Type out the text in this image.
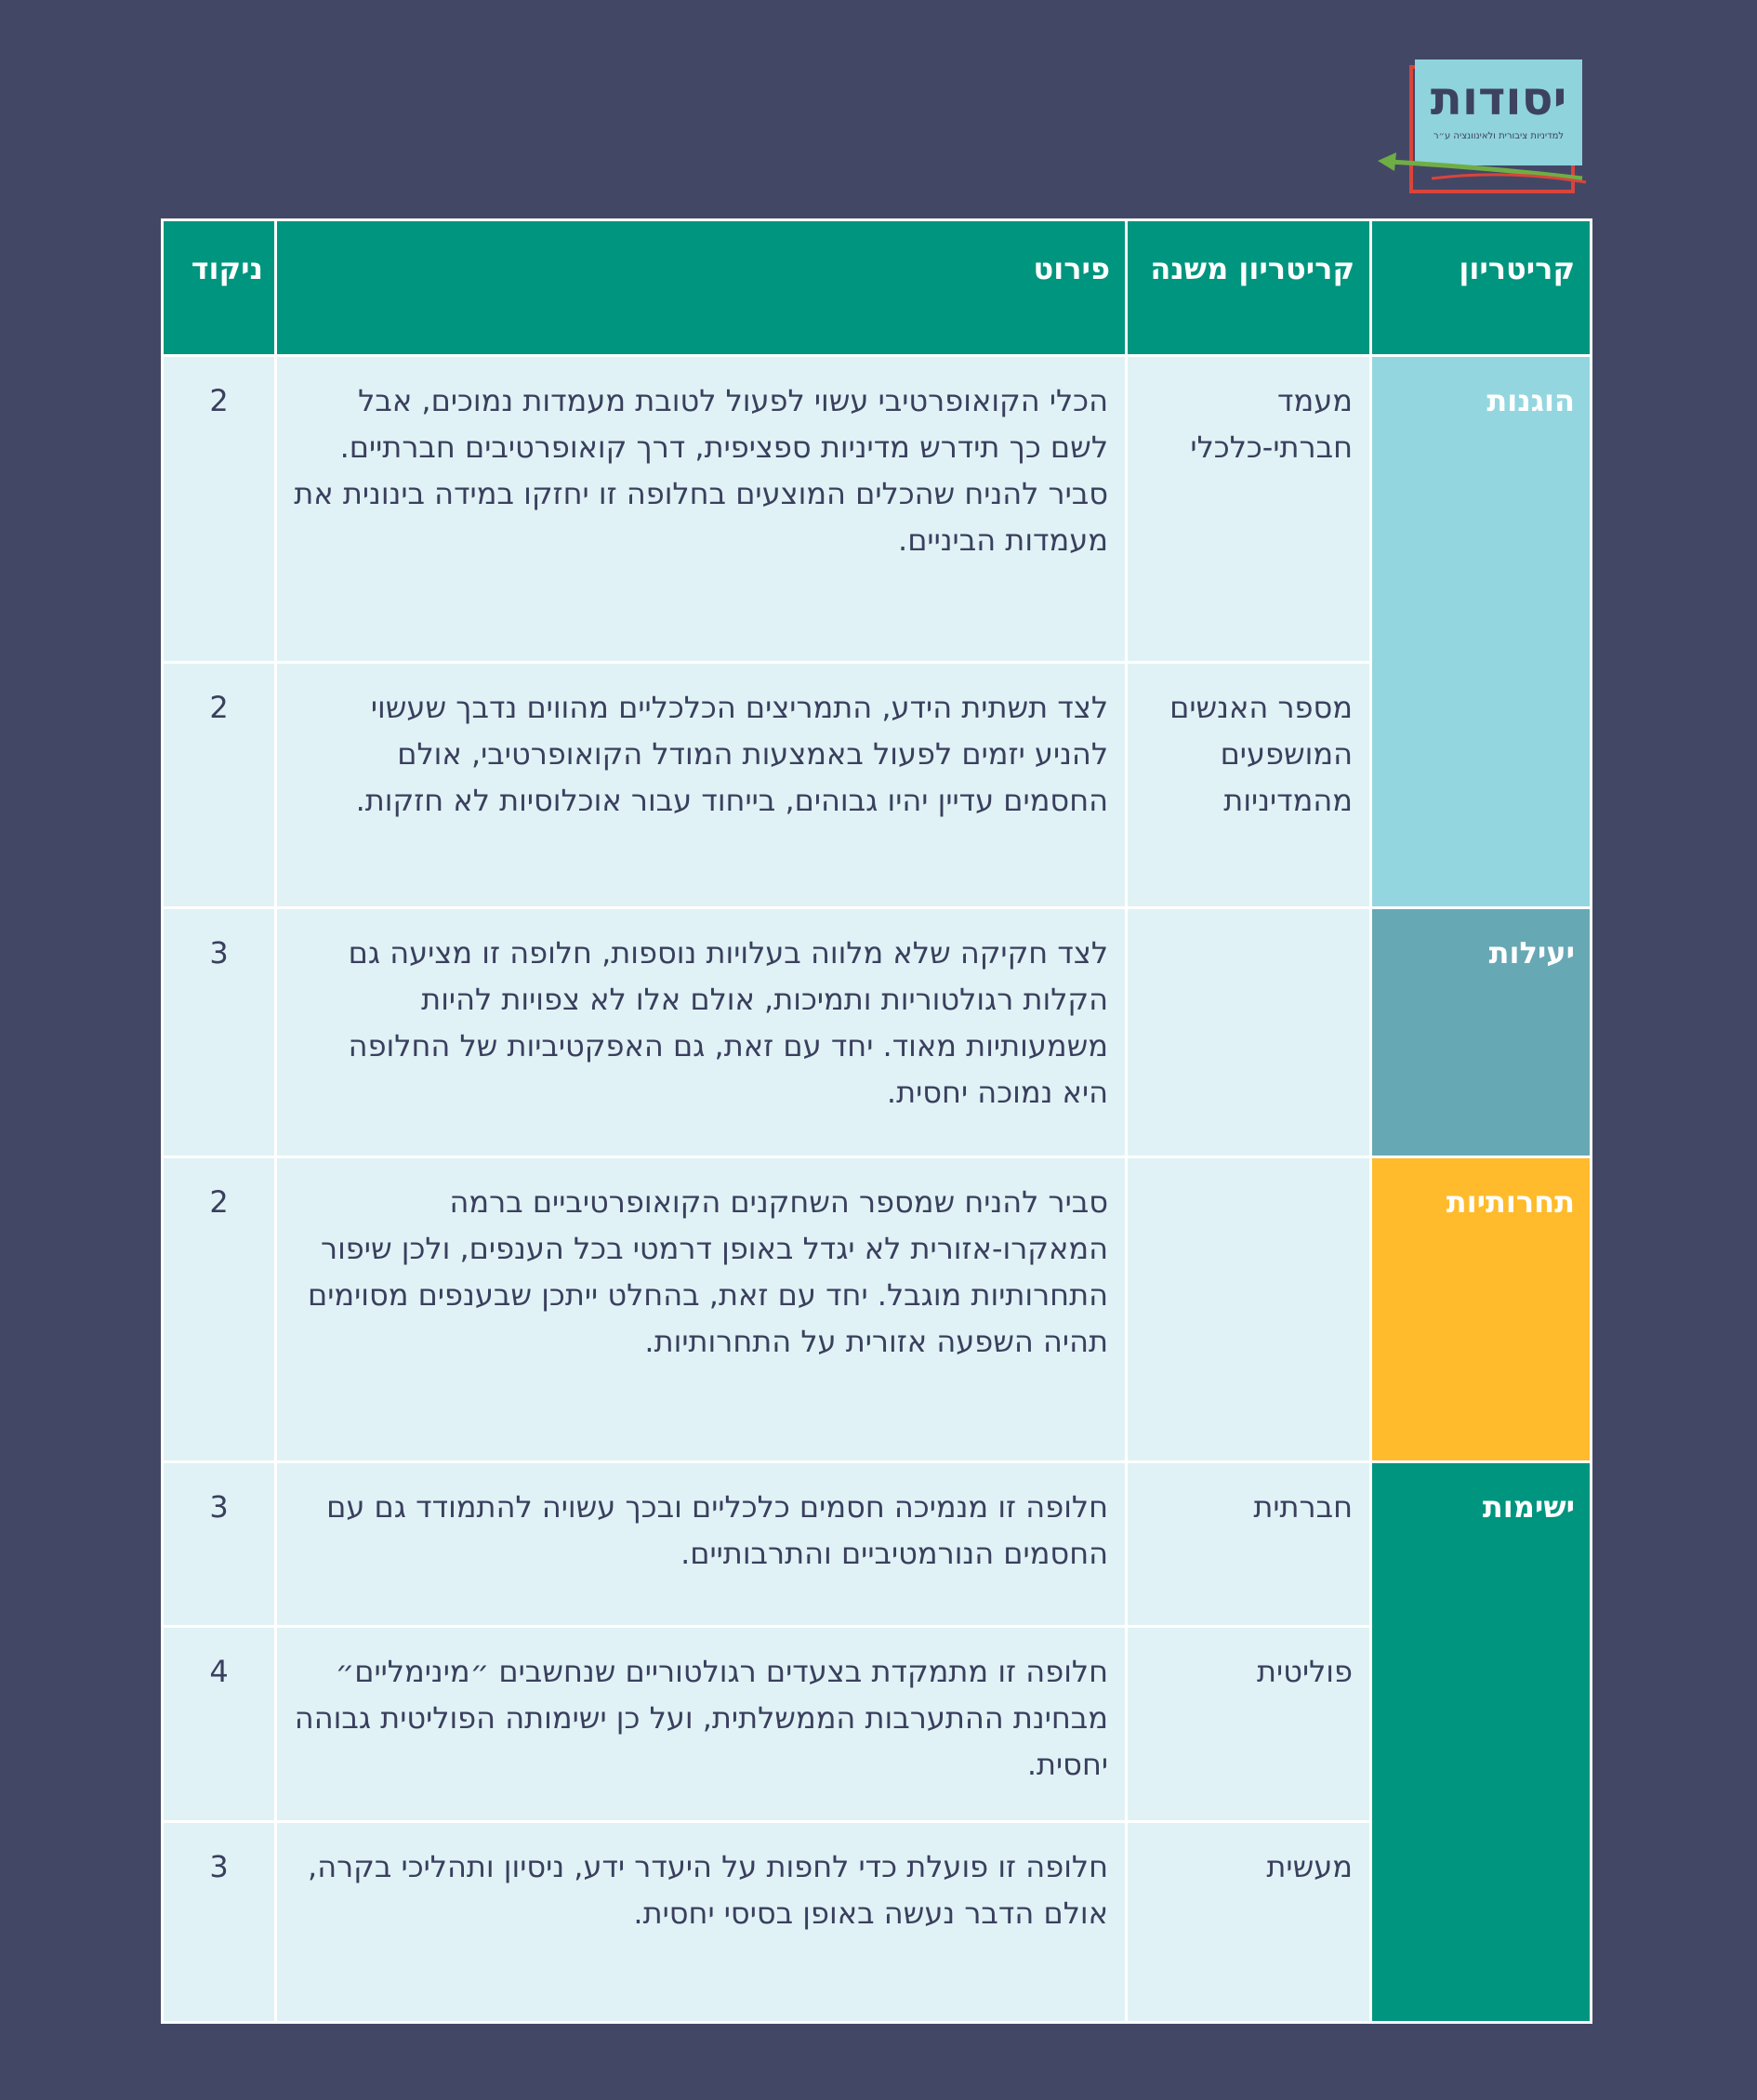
יסודות
למדיניות ציבורית ולאינוונציה ע״ר
קריטריון
קריטריון משנה
פירוט
ניקוד
הוגנות
יעילות
תחרותיות
ישימות
מעמד חברתי-כלכלי
הכלי הקואופרטיבי עשוי לפעול לטובת מעמדות נמוכים, אבל לשם כך תידרש מדיניות ספציפית, דרך קואופרטיבים חברתיים. סביר להניח שהכלים המוצעים בחלופה זו יחזקו במידה בינונית את מעמדות הביניים.
2
מספר האנשים המושפעים מהמדיניות
לצד תשתית הידע, התמריצים הכלכליים מהווים נדבך שעשוי להניע יזמים לפעול באמצעות המודל הקואופרטיבי, אולם החסמים עדיין יהיו גבוהים, בייחוד עבור אוכלוסיות לא חזקות.
2
לצד חקיקה שלא מלווה בעלויות נוספות, חלופה זו מציעה גם הקלות רגולטוריות ותמיכות, אולם אלו לא צפויות להיות משמעותיות מאוד. יחד עם זאת, גם האפקטיביות של החלופה היא נמוכה יחסית.
3
סביר להניח שמספר השחקנים הקואופרטיביים ברמה המאקרו-אזורית לא יגדל באופן דרמטי בכל הענפים, ולכן שיפור התחרותיות מוגבל. יחד עם זאת, בהחלט ייתכן שבענפים מסוימים תהיה השפעה אזורית על התחרותיות.
2
חברתית
חלופה זו מנמיכה חסמים כלכליים ובכך עשויה להתמודד גם עם החסמים הנורמטיביים והתרבותיים.
3
פוליטית
חלופה זו מתמקדת בצעדים רגולטוריים שנחשבים ״מינימליים״ מבחינת ההתערבות הממשלתית, ועל כן ישימותה הפוליטית גבוהה יחסית.
4
מעשית
חלופה זו פועלת כדי לחפות על היעדר ידע, ניסיון ותהליכי בקרה, אולם הדבר נעשה באופן בסיסי יחסית.
3
